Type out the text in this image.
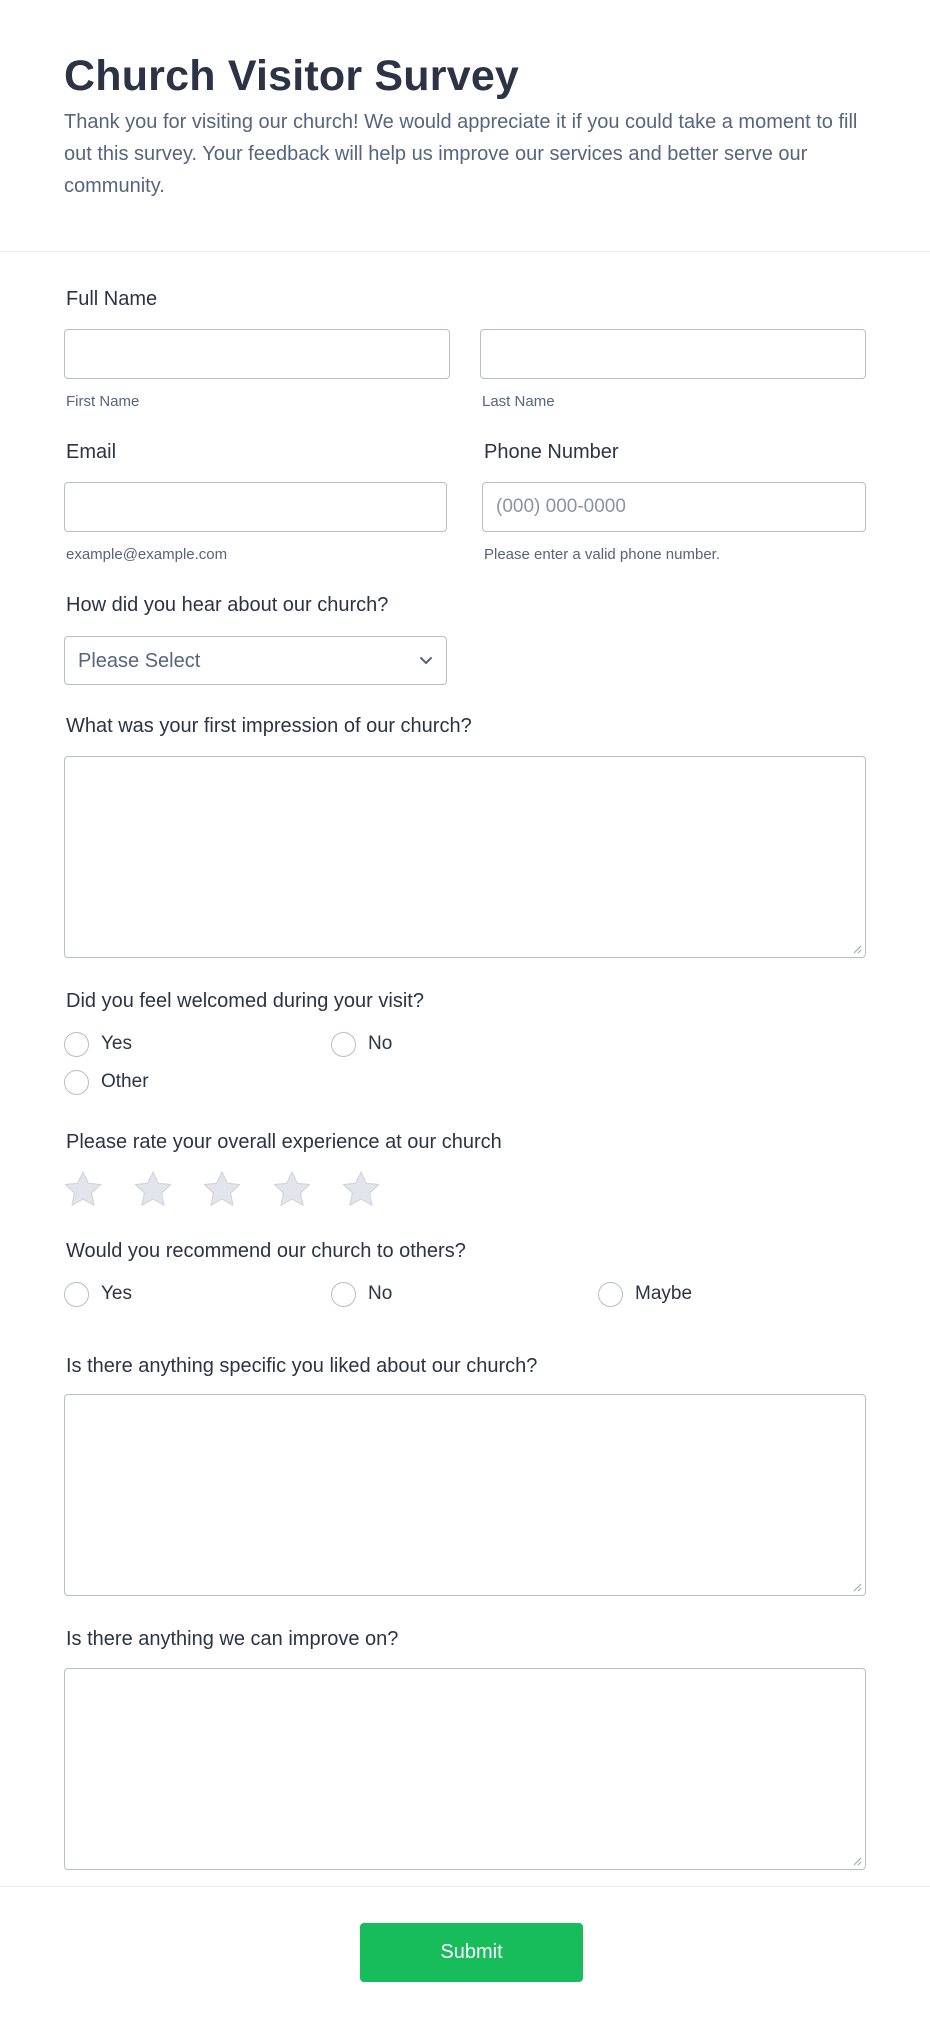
Church Visitor Survey
Thank you for visiting our church! We would appreciate it if you could take a moment to fill out this survey. Your feedback will help us improve our services and better serve our community.
Full Name
First Name	Last Name
Email	Phone Number
(000) 000-0000
example@example.com	Please enter a valid phone number.
How did you hear about our church?
Please Select
What was your first impression of our church?
Did you feel welcomed during your visit?
Yes	No
Other
Please rate your overall experience at our church
Would you recommend our church to others?
Yes	No	Maybe
Is there anything specific you liked about our church?
Is there anything we can improve on?
Submit
